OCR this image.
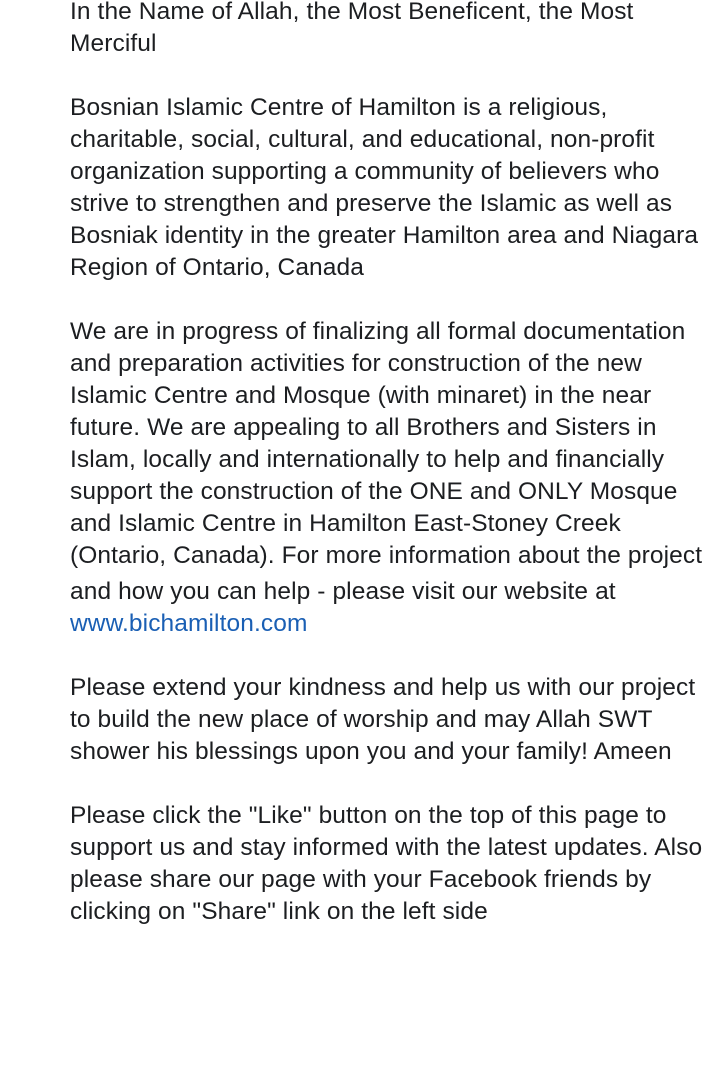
In the Name of Allah, the Most Beneficent, the Most Merciful

Bosnian Islamic Centre of Hamilton is a religious, charitable, social, cultural, and educational, non-profit organization supporting a community of believers who strive to strengthen and preserve the Islamic as well as Bosniak identity in the greater Hamilton area and Niagara Region of Ontario, Canada

We are in progress of finalizing all formal documentation and preparation activities for construction of the new Islamic Centre and Mosque (with minaret) in the near future. We are appealing to all Brothers and Sisters in Islam, locally and internationally to help and financially support the construction of the ONE and ONLY Mosque and Islamic Centre in Hamilton East-Stoney Creek (Ontario, Canada). For more information about the project and how you can help - please visit our website at www.bichamilton.com

Please extend your kindness and help us with our project to build the new place of worship and may Allah SWT shower his blessings upon you and your family! Ameen

Please click the "Like" button on the top of this page to support us and stay informed with the latest updates. Also please share our page with your Facebook friends by clicking on "Share" link on the left side
